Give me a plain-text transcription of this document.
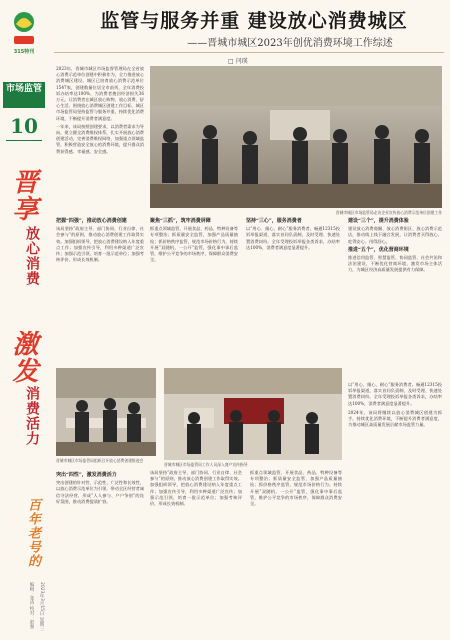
315特刊
市场监管
10
晋享
放心消费
激发
消费活力
百年老号的
编辑：张涛 校对：赵强	2023年3月15日 星期三
监管与服务并重 建设放心消费城区
——晋城市城区2023年创优消费环境工作综述
□ 闫瑛

2023年，晋城市城区市场监督管理局在全省放心消费示范单位创建中积极作为，全力推进放心消费城区建设。城区已培育放心消费示范单位1547家，创建数量位居全市前列，全年消费投诉办结率达100%，为消费者挽回经济损失36万元，让消费者在城区放心购物、放心消费、舒心生活。围绕放心消费城区创建工作目标，城区市场监管局坚持监管与服务并重，持续优化消费环境，不断提升消费者满意度。

一年来，该局按照创建要求，以消费者需求为导向，建立健全消费维权体系，扎实开展放心消费创建活动，完善消费维权网络，加强重点领域监管，积极营造安全放心的消费环境，提升群众消费获得感、幸福感、安全感。

晋城市城区市场监管局走访企业宣传放心消费示范单位创建工作

把握“四强”，推动放心消费创建

该局坚持“政府主导、部门协同、行业自律、社会参与”的原则，推动放心消费创建工作取得实效。加强组织领导，把放心消费建设纳入年度重点工作；加强宣传引导，利用多种渠道广泛宣传；加强示范引领，培育一批示范单位；加强考核评价，形成长效机制。

聚焦“三抓”，筑牢消费屏障

抓重点领域监管，开展食品、药品、特种设备等专项整治；抓质量安全监管，加强产品质量抽检；抓价格秩序监管，规范市场价格行为。持续开展“双随机、一公开”监管，强化事中事后监管，维护公平竞争的市场秩序，保障群众消费安全。

坚持“三心”，服务消费者

以“用心、细心、耐心”服务消费者。畅通12315投诉举报渠道，落实首问负责制，及时受理、快速处置消费纠纷。全年受理投诉举报各类诉求，办结率达100%，消费者满意度显著提升。

建设“三个”，提升消费体验

建设放心消费商圈、放心消费街区、放心消费示范店，推动线上线下融合发展，让消费者买得放心、吃得安心、用得舒心。

推进“五个”，优化营商环境

推进信用监管、智慧监管、协同监管、社会共治和法治建设，不断优化营商环境，激发市场主体活力，为城区经济高质量发展提供有力保障。

晋城市城区市场监管局组织召开放心消费创建推进会
晋城市城区市场监管局工作人员深入商户宣传指导

突出“四性”，激发消费活力

突出创建的针对性、示范性、广泛性和长效性，以放心消费示范单位为引领，带动全区经营者诚信守法经营，形成“人人参与、户户争创”的良好氛围，推动消费提质扩容。

该局坚持“政府主导、部门协同、行业自律、社会参与”的原则，推动放心消费创建工作取得实效。加强组织领导，把放心消费建设纳入年度重点工作；加强宣传引导，利用多种渠道广泛宣传；加强示范引领，培育一批示范单位；加强考核评价，形成长效机制。

抓重点领域监管，开展食品、药品、特种设备等专项整治；抓质量安全监管，加强产品质量抽检；抓价格秩序监管，规范市场价格行为。持续开展“双随机、一公开”监管，强化事中事后监管，维护公平竞争的市场秩序，保障群众消费安全。

以“用心、细心、耐心”服务消费者。畅通12315投诉举报渠道，落实首问负责制，及时受理、快速处置消费纠纷。全年受理投诉举报各类诉求，办结率达100%，消费者满意度显著提升。

2024年，该局将继续以放心消费城区创建为抓手，持续优化消费环境，不断提升消费者满意度，为推动城区高质量发展贡献市场监管力量。
